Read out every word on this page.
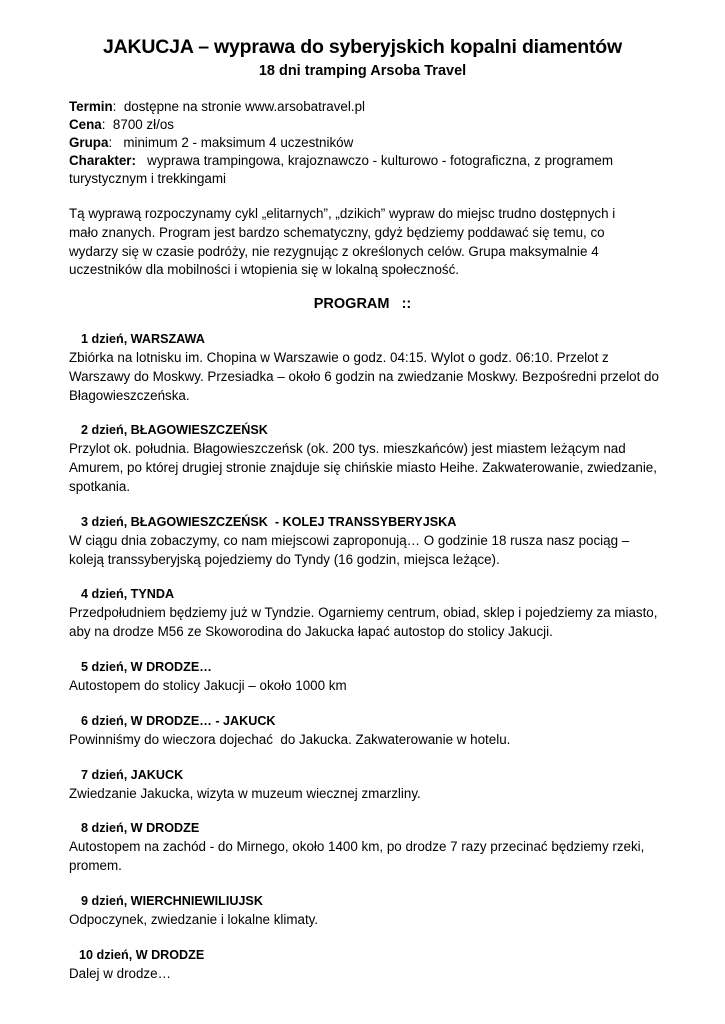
JAKUCJA – wyprawa do syberyjskich kopalni diamentów
18 dni tramping Arsoba Travel
Termin:  dostępne na stronie www.arsobatravel.pl
Cena:  8700 zł/os
Grupa:   minimum 2 - maksimum 4 uczestników
Charakter: wyprawa trampingowa, krajoznawczo - kulturowo - fotograficzna, z programem turystycznym i trekkingami
Tą wyprawą rozpoczynamy cykl „elitarnych”, „dzikich” wypraw do miejsc trudno dostępnych i mało znanych. Program jest bardzo schematyczny, gdyż będziemy poddawać się temu, co wydarzy się w czasie podróży, nie rezygnując z określonych celów. Grupa maksymalnie 4 uczestników dla mobilności i wtopienia się w lokalną społeczność.
PROGRAM   ::
1 dzień, WARSZAWA

Zbiórka na lotnisku im. Chopina w Warszawie o godz. 04:15. Wylot o godz. 06:10. Przelot z Warszawy do Moskwy. Przesiadka – około 6 godzin na zwiedzanie Moskwy. Bezpośredni przelot do Błagowieszczeńska.

2 dzień, BŁAGOWIESZCZEŃSK

Przylot ok. południa. Błagowieszczeńsk (ok. 200 tys. mieszkańców) jest miastem leżącym nad Amurem, po której drugiej stronie znajduje się chińskie miasto Heihe. Zakwaterowanie, zwiedzanie, spotkania.

3 dzień, BŁAGOWIESZCZEŃSK  - KOLEJ TRANSSYBERYJSKA

W ciągu dnia zobaczymy, co nam miejscowi zaproponują… O godzinie 18 rusza nasz pociąg – koleją transsyberyjską pojedziemy do Tyndy (16 godzin, miejsca leżące).

4 dzień, TYNDA

Przedpołudniem będziemy już w Tyndzie. Ogarniemy centrum, obiad, sklep i pojedziemy za miasto, aby na drodze M56 ze Skoworodina do Jakucka łapać autostop do stolicy Jakucji.

5 dzień, W DRODZE…

Autostopem do stolicy Jakucji – około 1000 km

6 dzień, W DRODZE… - JAKUCK

Powinniśmy do wieczora dojechać  do Jakucka. Zakwaterowanie w hotelu.

7 dzień, JAKUCK

Zwiedzanie Jakucka, wizyta w muzeum wiecznej zmarzliny.

8 dzień, W DRODZE

Autostopem na zachód - do Mirnego, około 1400 km, po drodze 7 razy przecinać będziemy rzeki, promem.

9 dzień, WIERCHNIEWILIUJSK

Odpoczynek, zwiedzanie i lokalne klimaty.

10 dzień, W DRODZE

Dalej w drodze…
